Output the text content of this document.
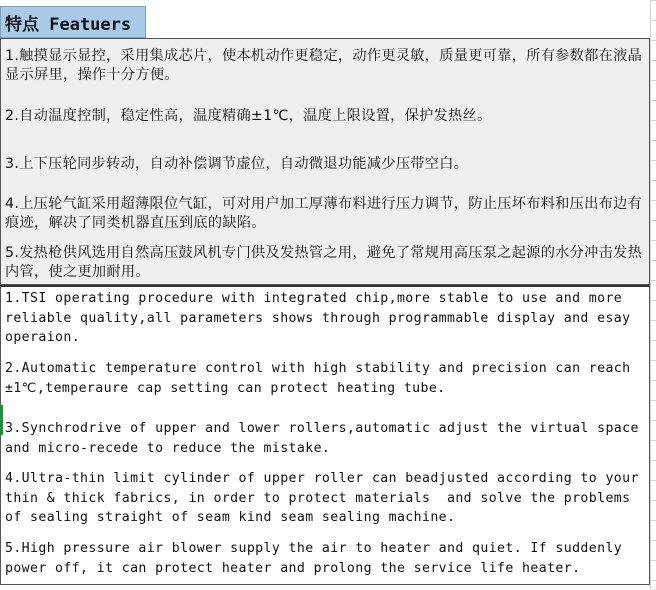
特点 Featuers
1.触摸显示显控，采用集成芯片，使本机动作更稳定，动作更灵敏，质量更可靠，所有参数都在液晶显示屏里，操作十分方便。
2.自动温度控制，稳定性高，温度精确±1℃，温度上限设置，保护发热丝。
3.上下压轮同步转动，自动补偿调节虚位，自动微退功能减少压带空白。
4.上压轮气缸采用超薄限位气缸，可对用户加工厚薄布料进行压力调节，防止压坏布料和压出布边有痕迹，解决了同类机器直压到底的缺陷。
5.发热枪供风选用自然高压鼓风机专门供及发热管之用，避免了常规用高压泵之起源的水分冲击发热内管，使之更加耐用。
1.TSI operating procedure with integrated chip,more stable to use and more reliable quality,all parameters shows through programmable display and esay operaion.
2.Automatic temperature control with high stability and precision can reach ±1℃,temperaure cap setting can protect heating tube.
3.Synchrodrive of upper and lower rollers,automatic adjust the virtual space and micro-recede to reduce the mistake.
4.Ultra-thin limit cylinder of upper roller can beadjusted according to your thin & thick fabrics, in order to protect materials  and solve the problems of sealing straight of seam kind seam sealing machine.
5.High pressure air blower supply the air to heater and quiet. If suddenly power off, it can protect heater and prolong the service life heater.
